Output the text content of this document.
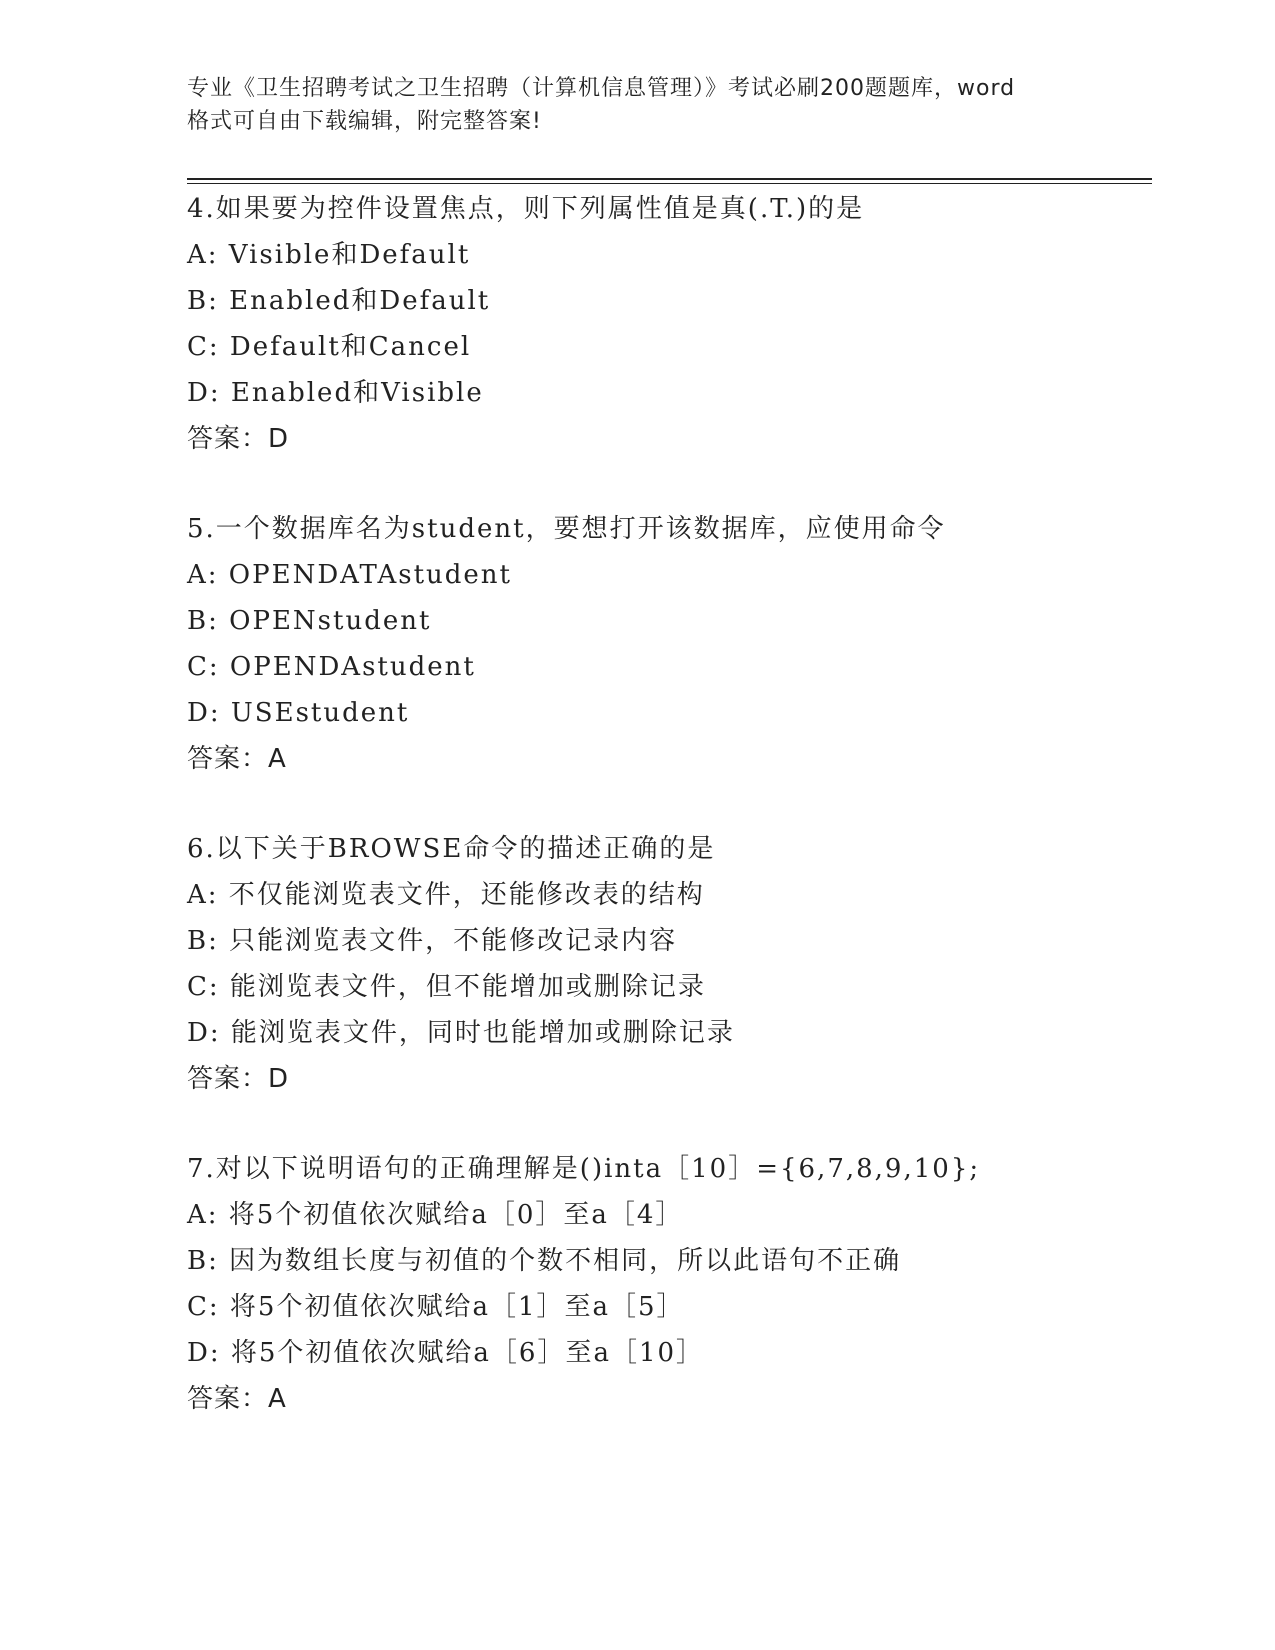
专业《卫生招聘考试之卫生招聘（计算机信息管理）》考试必刷200题题库，word
格式可自由下载编辑，附完整答案!
4.如果要为控件设置焦点，则下列属性值是真(.T.)的是
A: Visible和Default
B: Enabled和Default
C: Default和Cancel
D: Enabled和Visible
答案：D
5.一个数据库名为student，要想打开该数据库，应使用命令
A: OPENDATAstudent
B: OPENstudent
C: OPENDAstudent
D: USEstudent
答案：A
6.以下关于BROWSE命令的描述正确的是
A: 不仅能浏览表文件，还能修改表的结构
B: 只能浏览表文件，不能修改记录内容
C: 能浏览表文件，但不能增加或删除记录
D: 能浏览表文件，同时也能增加或删除记录
答案：D
7.对以下说明语句的正确理解是()inta［10］={6,7,8,9,10};
A: 将5个初值依次赋给a［0］至a［4］
B: 因为数组长度与初值的个数不相同，所以此语句不正确
C: 将5个初值依次赋给a［1］至a［5］
D: 将5个初值依次赋给a［6］至a［10］
答案：A
